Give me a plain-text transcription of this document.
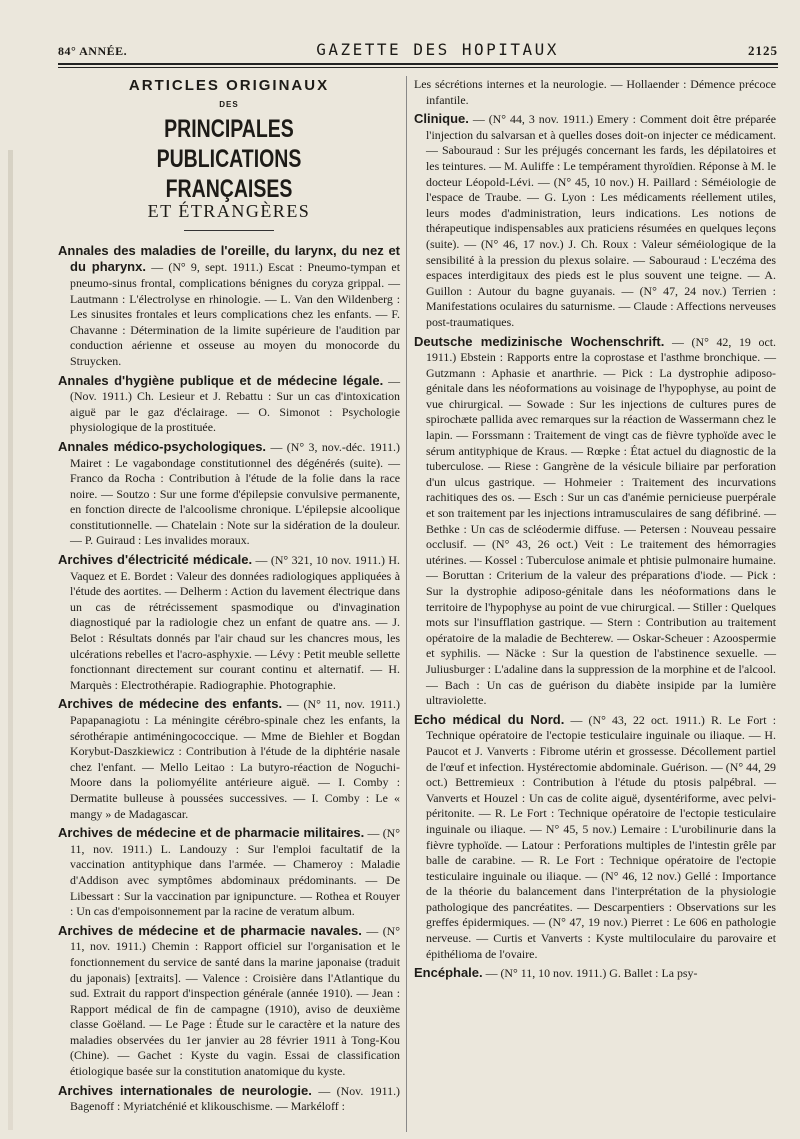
84° ANNÉE.	GAZETTE DES HOPITAUX	2125
ARTICLES ORIGINAUX
DES
PRINCIPALES PUBLICATIONS FRANÇAISES
ET ÉTRANGÈRES

Annales des maladies de l'oreille, du larynx, du nez et du pharynx. — (N° 9, sept. 1911.) Escat : Pneumo-tympan et pneumo-sinus frontal, complications bénignes du coryza grippal. — Lautmann : L'électrolyse en rhinologie. — L. Van den Wildenberg : Les sinusites frontales et leurs complications chez les enfants. — F. Chavanne : Détermination de la limite supérieure de l'audition par conduction aérienne et osseuse au moyen du monocorde du Struycken.

Annales d'hygiène publique et de médecine légale. — (Nov. 1911.) Ch. Lesieur et J. Rebattu : Sur un cas d'intoxication aiguë par le gaz d'éclairage. — O. Simonot : Psychologie physiologique de la prostituée.

Annales médico-psychologiques. — (N° 3, nov.-déc. 1911.) Mairet : Le vagabondage constitutionnel des dégénérés (suite). — Franco da Rocha : Contribution à l'étude de la folie dans la race noire. — Soutzo : Sur une forme d'épilepsie convulsive permanente, en fonction directe de l'alcoolisme chronique. L'épilepsie alcoolique constitutionnelle. — Chatelain : Note sur la sidération de la douleur. — P. Guiraud : Les invalides moraux.

Archives d'électricité médicale. — (N° 321, 10 nov. 1911.) H. Vaquez et E. Bordet : Valeur des données radiologiques appliquées à l'étude des aortites. — Delherm : Action du lavement électrique dans un cas de rétrécissement spasmodique ou d'invagination diagnostiqué par la radiologie chez un enfant de quatre ans. — J. Belot : Résultats donnés par l'air chaud sur les chancres mous, les ulcérations rebelles et l'acro-asphyxie. — Lévy : Petit meuble sellette fonctionnant directement sur courant continu et alternatif. — H. Marquès : Electrothérapie. Radiographie. Photographie.

Archives de médecine des enfants. — (N° 11, nov. 1911.) Papapanagiotu : La méningite cérébro-spinale chez les enfants, la sérothérapie antiméningococcique. — Mme de Biehler et Bogdan Korybut-Daszkiewicz : Contribution à l'étude de la diphtérie nasale chez l'enfant. — Mello Leitao : La butyro-réaction de Noguchi-Moore dans la poliomyélite antérieure aiguë. — I. Comby : Dermatite bulleuse à poussées successives. — I. Comby : Le « mangy » de Madagascar.

Archives de médecine et de pharmacie militaires. — (N° 11, nov. 1911.) L. Landouzy : Sur l'emploi facultatif de la vaccination antityphique dans l'armée. — Chameroy : Maladie d'Addison avec symptômes abdominaux prédominants. — De Libessart : Sur la vaccination par ignipuncture. — Rothea et Rouyer : Un cas d'empoisonnement par la racine de veratum album.

Archives de médecine et de pharmacie navales. — (N° 11, nov. 1911.) Chemin : Rapport officiel sur l'organisation et le fonctionnement du service de santé dans la marine japonaise (traduit du japonais) [extraits]. — Valence : Croisière dans l'Atlantique du sud. Extrait du rapport d'inspection générale (année 1910). — Jean : Rapport médical de fin de campagne (1910), aviso de deuxième classe Goëland. — Le Page : Étude sur le caractère et la nature des maladies observées du 1er janvier au 28 février 1911 à Tong-Kou (Chine). — Gachet : Kyste du vagin. Essai de classification étiologique basée sur la constitution anatomique du kyste.

Archives internationales de neurologie. — (Nov. 1911.) Bagenoff : Myriatchénié et klikouschisme. — Markéloff :

Les sécrétions internes et la neurologie. — Hollaender : Démence précoce infantile.

Clinique. — (N° 44, 3 nov. 1911.) Emery : Comment doit être préparée l'injection du salvarsan et à quelles doses doit-on injecter ce médicament. — Sabouraud : Sur les préjugés concernant les fards, les dépilatoires et les teintures. — M. Auliffe : Le tempérament thyroïdien. Réponse à M. le docteur Léopold-Lévi. — (N° 45, 10 nov.) H. Paillard : Séméiologie de l'espace de Traube. — G. Lyon : Les médicaments réellement utiles, leurs modes d'administration, leurs indications. Les notions de thérapeutique indispensables aux praticiens résumées en quelques leçons (suite). — (N° 46, 17 nov.) J. Ch. Roux : Valeur séméiologique de la sensibilité à la pression du plexus solaire. — Sabouraud : L'eczéma des espaces interdigitaux des pieds est le plus souvent une teigne. — A. Guillon : Autour du bagne guyanais. — (N° 47, 24 nov.) Terrien : Manifestations oculaires du saturnisme. — Claude : Affections nerveuses post-traumatiques.

Deutsche medizinische Wochenschrift. — (N° 42, 19 oct. 1911.) Ebstein : Rapports entre la coprostase et l'asthme bronchique. — Gutzmann : Aphasie et anarthrie. — Pick : La dystrophie adiposo-génitale dans les néoformations au voisinage de l'hypophyse, au point de vue chirurgical. — Sowade : Sur les injections de cultures pures de spirochæte pallida avec remarques sur la réaction de Wassermann chez le lapin. — Forssmann : Traitement de vingt cas de fièvre typhoïde avec le sérum antityphique de Kraus. — Rœpke : État actuel du diagnostic de la tuberculose. — Riese : Gangrène de la vésicule biliaire par perforation d'un ulcus gastrique. — Hohmeier : Traitement des incurvations rachitiques des os. — Esch : Sur un cas d'anémie pernicieuse puerpérale et son traitement par les injections intramusculaires de sang défibriné. — Bethke : Un cas de scléodermie diffuse. — Petersen : Nouveau pessaire occlusif. — (N° 43, 26 oct.) Veit : Le traitement des hémorragies utérines. — Kossel : Tuberculose animale et phtisie pulmonaire humaine. — Boruttan : Criterium de la valeur des préparations d'iode. — Pick : Sur la dystrophie adiposo-génitale dans les néoformations dans le territoire de l'hypophyse au point de vue chirurgical. — Stiller : Quelques mots sur l'insufflation gastrique. — Stern : Contribution au traitement opératoire de la maladie de Bechterew. — Oskar-Scheuer : Azoospermie et syphilis. — Näcke : Sur la question de l'abstinence sexuelle. — Juliusburger : L'adaline dans la suppression de la morphine et de l'alcool. — Bach : Un cas de guérison du diabète insipide par la lumière ultraviolette.

Echo médical du Nord. — (N° 43, 22 oct. 1911.) R. Le Fort : Technique opératoire de l'ectopie testiculaire inguinale ou iliaque. — H. Paucot et J. Vanverts : Fibrome utérin et grossesse. Décollement partiel de l'œuf et infection. Hystérectomie abdominale. Guérison. — (N° 44, 29 oct.) Bettremieux : Contribution à l'étude du ptosis palpébral. — Vanverts et Houzel : Un cas de colite aiguë, dysentériforme, avec pelvi-péritonite. — R. Le Fort : Technique opératoire de l'ectopie testiculaire inguinale ou iliaque. — N° 45, 5 nov.) Lemaire : L'urobilinurie dans la fièvre typhoïde. — Latour : Perforations multiples de l'intestin grêle par balle de carabine. — R. Le Fort : Technique opératoire de l'ectopie testiculaire inguinale ou iliaque. — (N° 46, 12 nov.) Gellé : Importance de la théorie du balancement dans l'interprétation de la physiologie pathologique des pancréatites. — Descarpentiers : Observations sur les greffes épidermiques. — (N° 47, 19 nov.) Pierret : Le 606 en pathologie nerveuse. — Curtis et Vanverts : Kyste multiloculaire du parovaire et épithélioma de l'ovaire.

Encéphale. — (N° 11, 10 nov. 1911.) G. Ballet : La psy-
